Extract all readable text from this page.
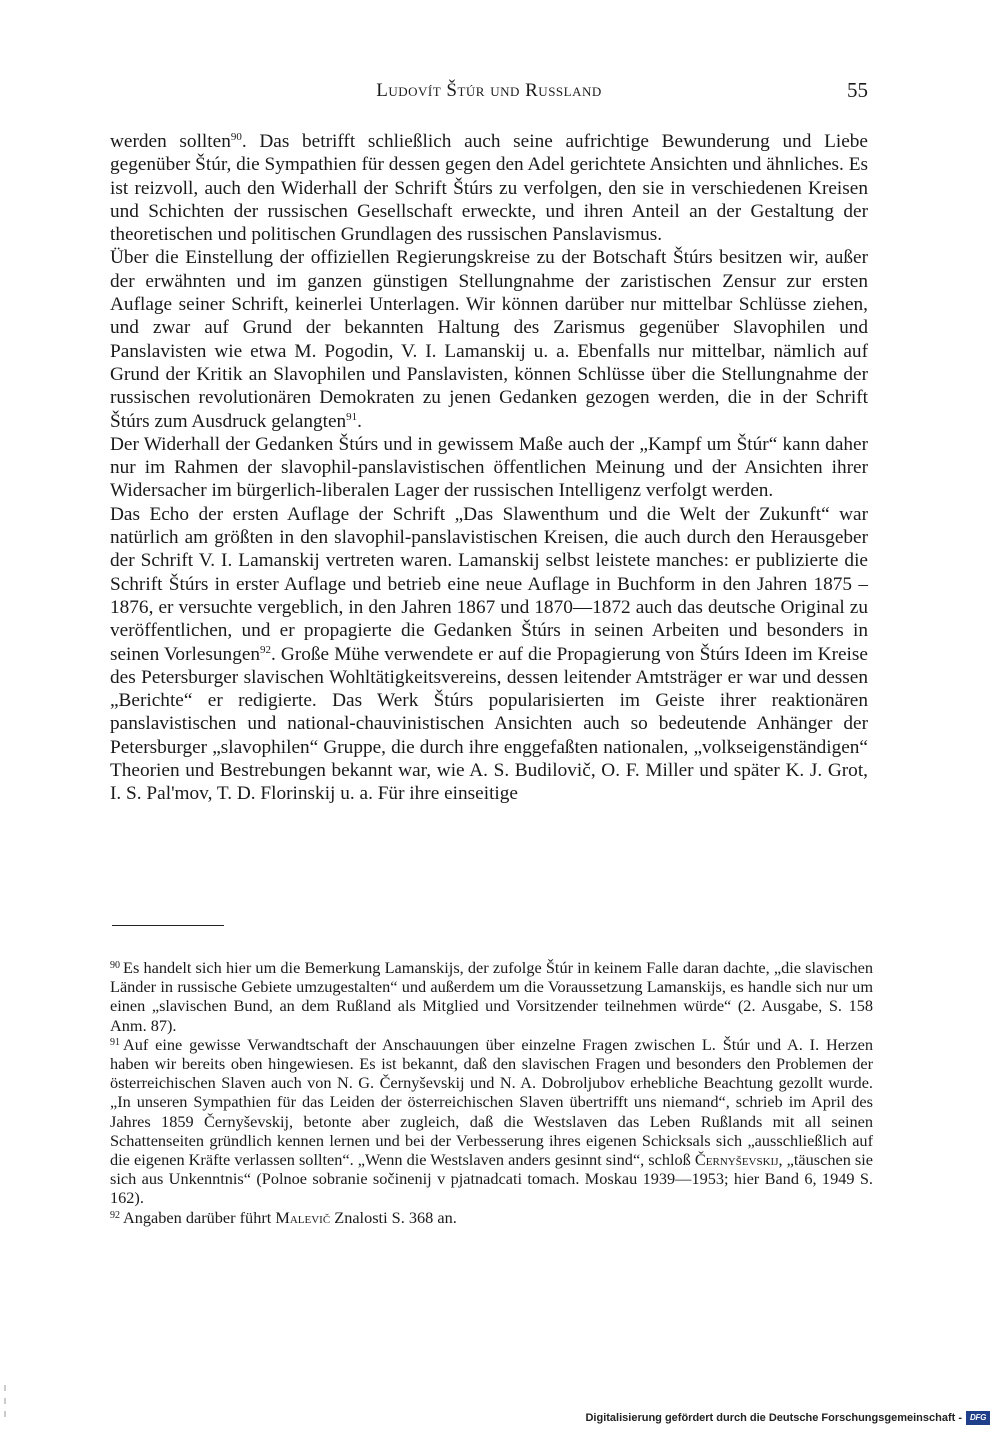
Ludovít Štúr und Russland	55

werden sollten$^{90}$. Das betrifft schließlich auch seine aufrichtige Bewunderung und Liebe gegenüber Štúr, die Sympathien für dessen gegen den Adel gerichtete Ansichten und ähnliches. Es ist reizvoll, auch den Widerhall der Schrift Štúrs zu verfolgen, den sie in verschiedenen Kreisen und Schichten der russischen Gesellschaft erweckte, und ihren Anteil an der Gestaltung der theoretischen und politischen Grundlagen des russischen Panslavismus.

Über die Einstellung der offiziellen Regierungskreise zu der Botschaft Štúrs besitzen wir, außer der erwähnten und im ganzen günstigen Stellungnahme der zaristischen Zensur zur ersten Auflage seiner Schrift, keinerlei Unterlagen. Wir können darüber nur mittelbar Schlüsse ziehen, und zwar auf Grund der bekannten Haltung des Zarismus gegenüber Slavophilen und Panslavisten wie etwa M. Pogodin, V. I. Lamanskij u. a. Ebenfalls nur mittelbar, nämlich auf Grund der Kritik an Slavophilen und Panslavisten, können Schlüsse über die Stellungnahme der russischen revolutionären Demokraten zu jenen Gedanken gezogen werden, die in der Schrift Štúrs zum Ausdruck gelangten$^{91}$.

Der Widerhall der Gedanken Štúrs und in gewissem Maße auch der „Kampf um Štúr“ kann daher nur im Rahmen der slavophil-panslavistischen öffentlichen Meinung und der Ansichten ihrer Widersacher im bürgerlich-liberalen Lager der russischen Intelligenz verfolgt werden.

Das Echo der ersten Auflage der Schrift „Das Slawenthum und die Welt der Zukunft“ war natürlich am größten in den slavophil-panslavistischen Kreisen, die auch durch den Herausgeber der Schrift V. I. Lamanskij vertreten waren. Lamanskij selbst leistete manches: er publizierte die Schrift Štúrs in erster Auflage und betrieb eine neue Auflage in Buchform in den Jahren 1875 – 1876, er versuchte vergeblich, in den Jahren 1867 und 1870—1872 auch das deutsche Original zu veröffentlichen, und er propagierte die Gedanken Štúrs in seinen Arbeiten und besonders in seinen Vorlesungen$^{92}$. Große Mühe verwendete er auf die Propagierung von Štúrs Ideen im Kreise des Petersburger slavischen Wohltätigkeitsvereins, dessen leitender Amtsträger er war und dessen „Berichte“ er redigierte. Das Werk Štúrs popularisierten im Geiste ihrer reaktionären panslavistischen und national-chauvinistischen Ansichten auch so bedeutende Anhänger der Petersburger „slavophilen“ Gruppe, die durch ihre enggefaßten nationalen, „volkseigenständigen“ Theorien und Bestrebungen bekannt war, wie A. S. Budilovič, O. F. Miller und später K. J. Grot, I. S. Pal'mov, T. D. Florinskij u. a. Für ihre einseitige

$^{90}$ Es handelt sich hier um die Bemerkung Lamanskijs, der zufolge Štúr in keinem Falle daran dachte, „die slavischen Länder in russische Gebiete umzugestalten“ und außerdem um die Voraussetzung Lamanskijs, es handle sich nur um einen „slavischen Bund, an dem Rußland als Mitglied und Vorsitzender teilnehmen würde“ (2. Ausgabe, S. 158 Anm. 87).

$^{91}$ Auf eine gewisse Verwandtschaft der Anschauungen über einzelne Fragen zwischen L. Štúr und A. I. Herzen haben wir bereits oben hingewiesen. Es ist bekannt, daß den slavischen Fragen und besonders den Problemen der österreichischen Slaven auch von N. G. Černyševskij und N. A. Dobroljubov erhebliche Beachtung gezollt wurde. „In unseren Sympathien für das Leiden der österreichischen Slaven übertrifft uns niemand“, schrieb im April des Jahres 1859 Černyševskij, betonte aber zugleich, daß die Westslaven das Leben Rußlands mit all seinen Schattenseiten gründlich kennen lernen und bei der Verbesserung ihres eigenen Schicksals sich „ausschließlich auf die eigenen Kräfte verlassen sollten“. „Wenn die Westslaven anders gesinnt sind“, schloß Černyševskij, „täuschen sie sich aus Unkenntnis“ (Polnoe sobranie sočinenij v pjatnadcati tomach. Moskau 1939—1953; hier Band 6, 1949 S. 162).

$^{92}$ Angaben darüber führt Malevič Znalosti S. 368 an.

Digitalisierung gefördert durch die Deutsche Forschungsgemeinschaft -	DFG
